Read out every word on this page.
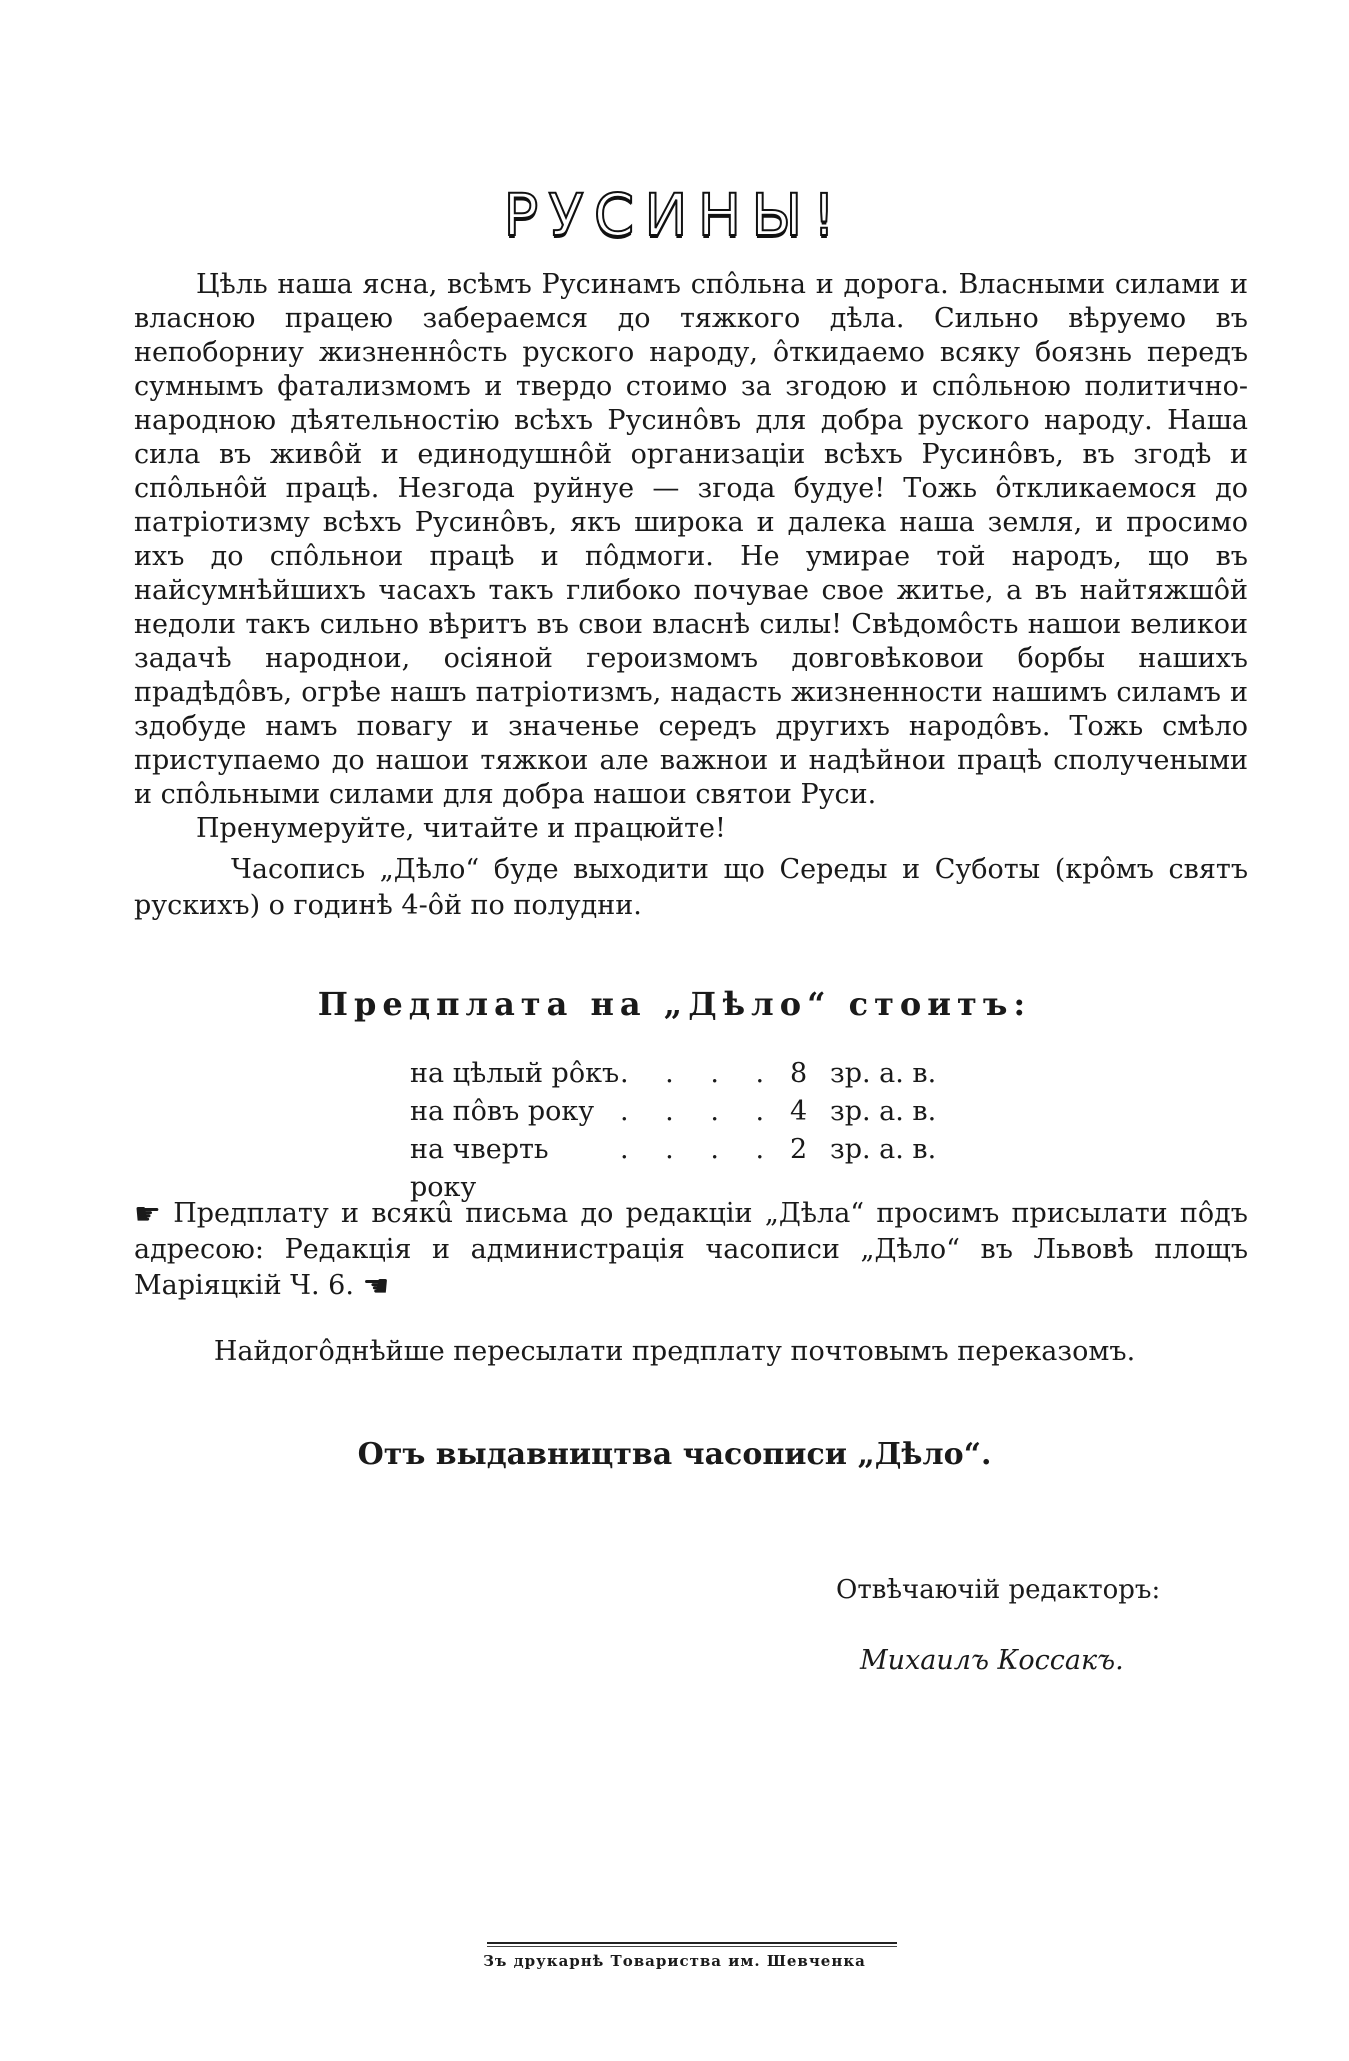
РУСИНЫ!

Цѣль наша ясна, всѣмъ Русинамъ спôльна и дорога. Власными силами и власною працею забераемся до тяжкого дѣла. Сильно вѣруемо въ непоборниу жизненнôсть руского народу, ôткидаемо всяку боязнь передъ сумнымъ фатализмомъ и твердо стоимо за згодою и спôльною политично-народною дѣятельностію всѣхъ Русинôвъ для добра руского народу. Наша сила въ живôй и единодушнôй организаціи всѣхъ Русинôвъ, въ згодѣ и спôльнôй працѣ. Незгода руйнуе — згода будуе! Тожь ôткликаемося до патріотизму всѣхъ Русинôвъ, якъ широка и далека наша земля, и просимо ихъ до спôльнои працѣ и пôдмоги. Не умирае той народъ, що въ найсумнѣйшихъ часахъ такъ глибоко почувае свое житье, а въ найтяжшôй недоли такъ сильно вѣритъ въ свои власнѣ силы! Свѣдомôсть нашои великои задачѣ народнои, осіяной героизмомъ довговѣковои борбы нашихъ прадѣдôвъ, огрѣе нашъ патріотизмъ, надасть жизненности нашимъ силамъ и здобуде намъ повагу и значенье середъ другихъ народôвъ. Тожь смѣло приступаемо до нашои тяжкои але важнои и надѣйнои працѣ сполучеными и спôльными силами для добра нашои святои Руси.

Пренумеруйте, читайте и працюйте!

Часопись „Дѣло“ буде выходити що Середы и Суботы (крôмъ святъ рускихъ) о годинѣ 4-ôй по полудни.

Предплата на „Дѣло“ стоитъ:
на цѣлый рôкъ	. . . .	8	зр. а. в.
на пôвъ року	. . . .	4	зр. а. в.
на чверть року	. . . .	2	зр. а. в.
☛ Предплату и всякû письма до редакціи „Дѣла“ просимъ присылати пôдъ адресою: Редакція и администрація часописи „Дѣло“ въ Львовѣ площъ Маріяцкій Ч. 6. ☚
Найдогôднѣйше пересылати предплату почтовымъ переказомъ.
Отъ выдавництва часописи „Дѣло“.
Отвѣчаючій редакторъ:
Михаилъ Коссакъ.
Зъ друкарнѣ Товариства им. Шевченка
